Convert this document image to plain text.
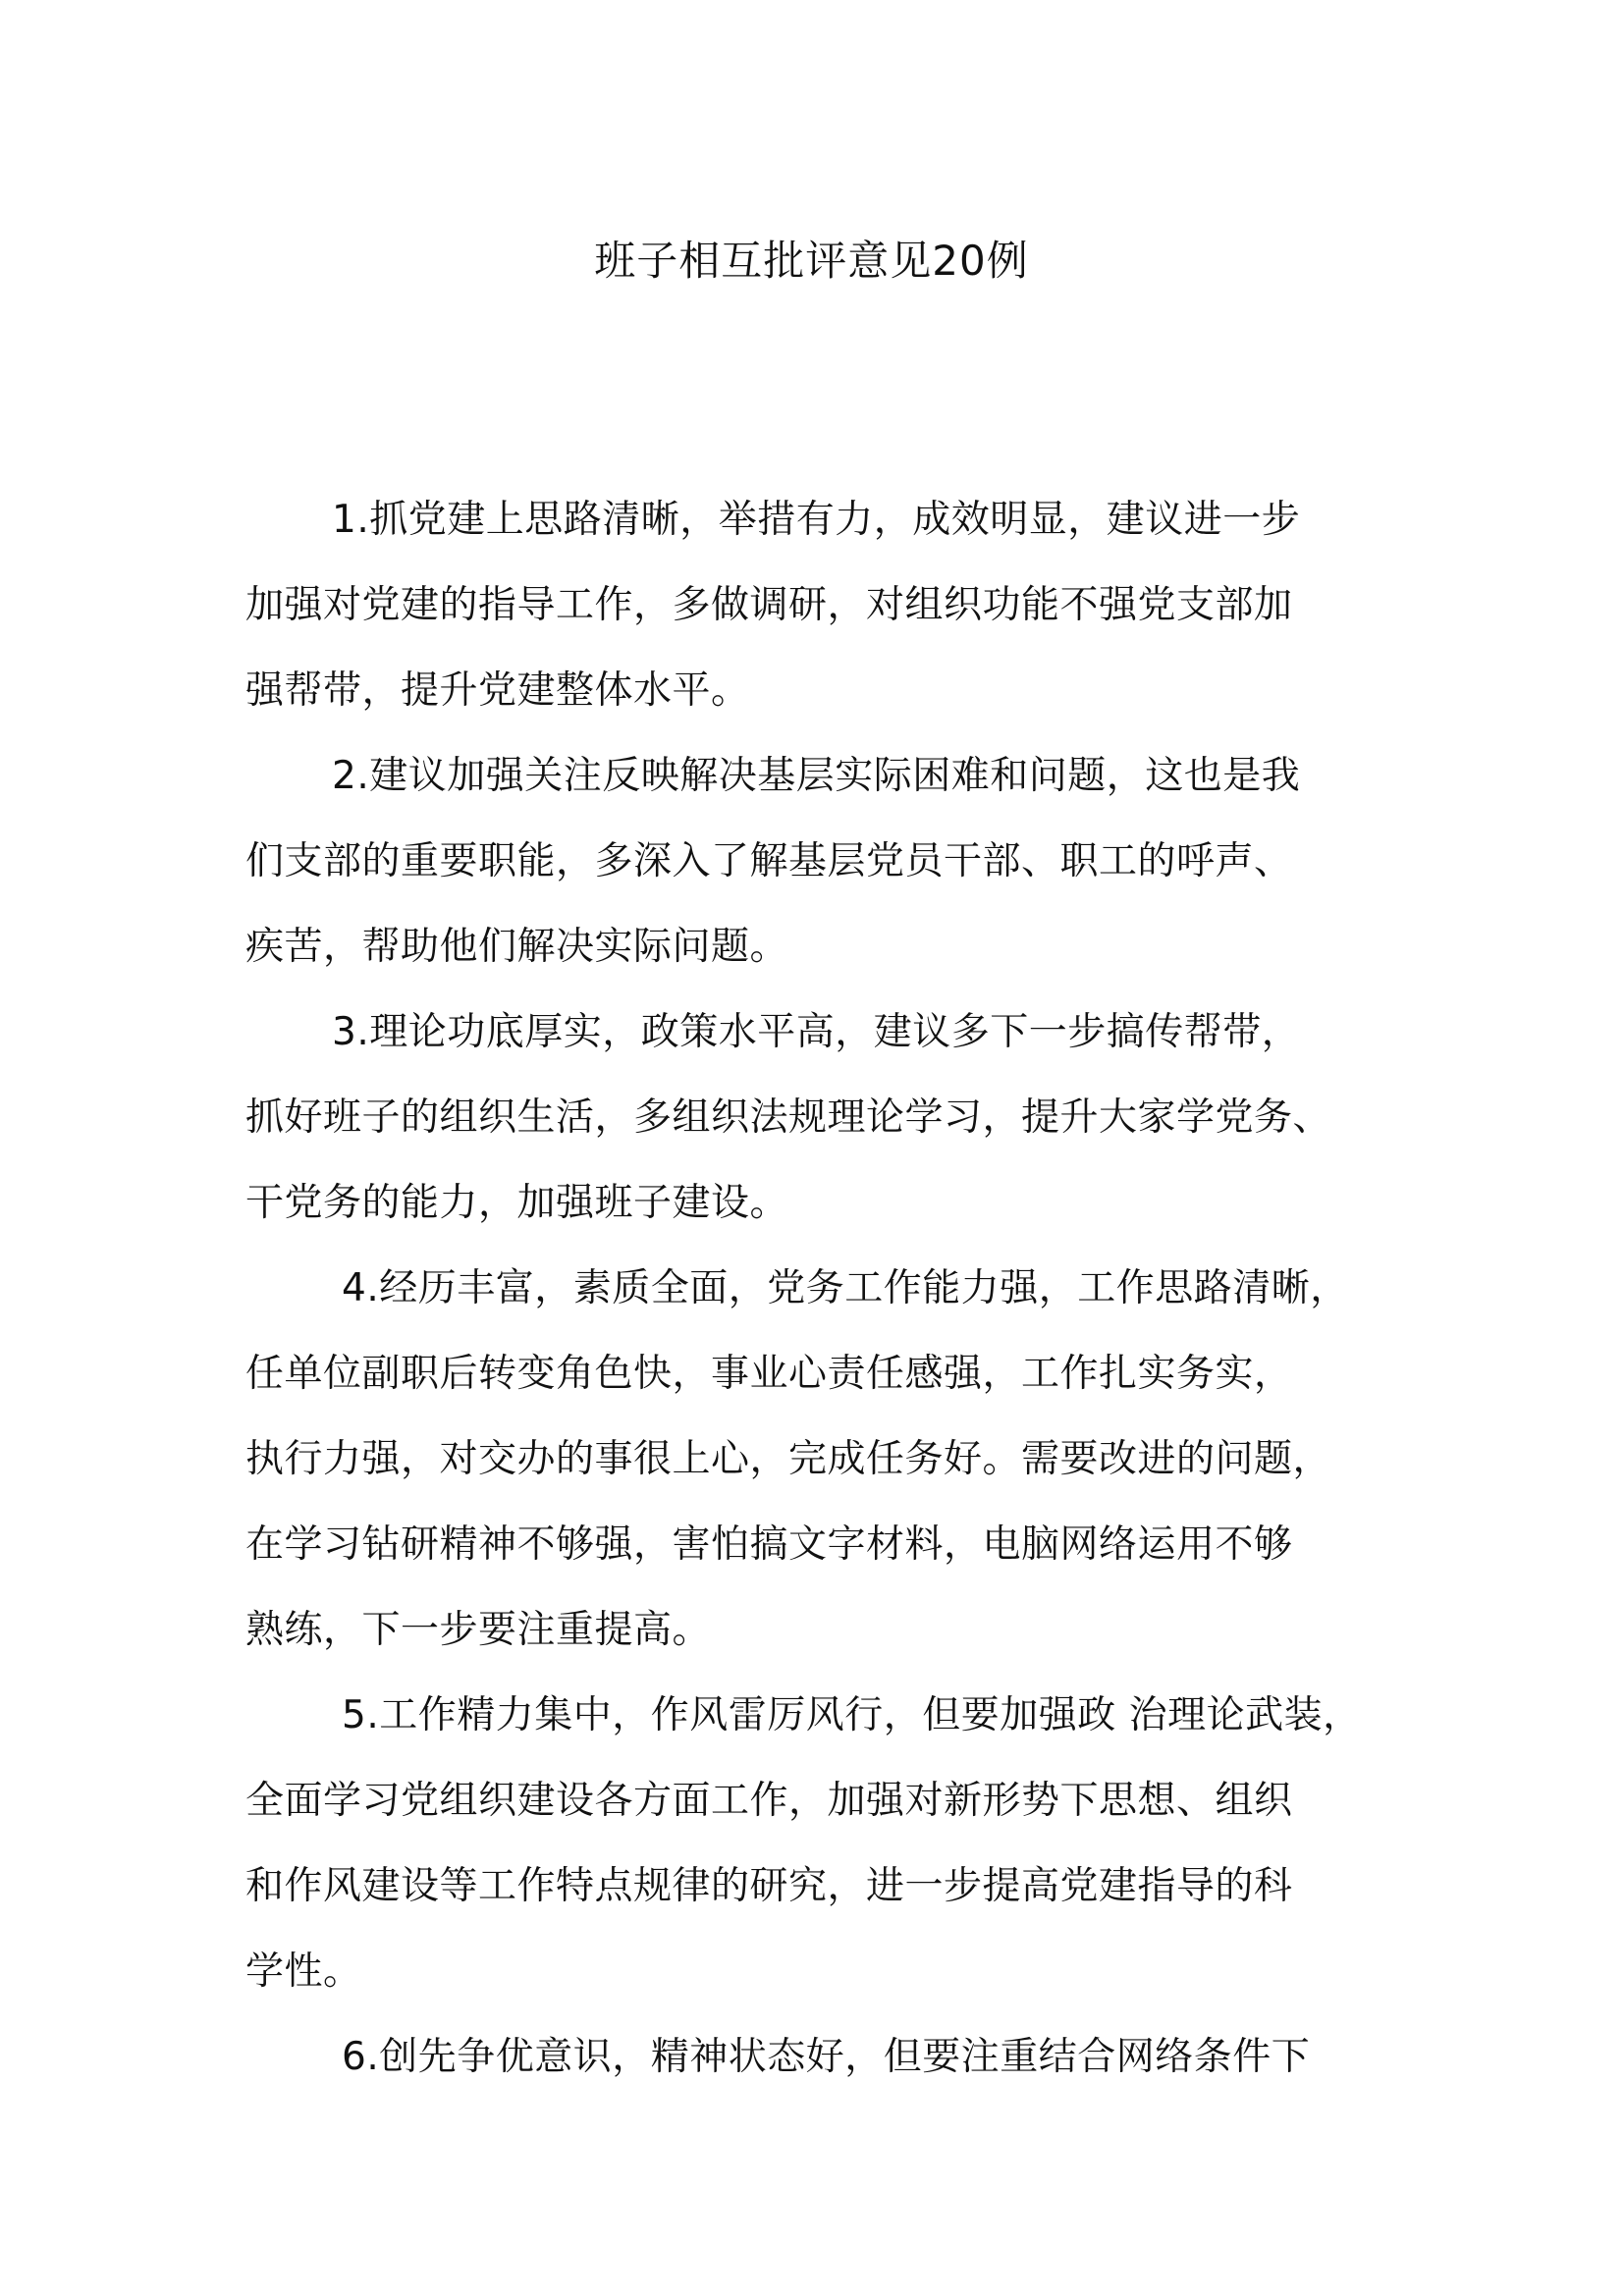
班子相互批评意见20例
1.抓党建上思路清晰，举措有力，成效明显，建议进一步
加强对党建的指导工作，多做调研，对组织功能不强党支部加
强帮带，提升党建整体水平。
2.建议加强关注反映解决基层实际困难和问题，这也是我
们支部的重要职能，多深入了解基层党员干部、职工的呼声、
疾苦，帮助他们解决实际问题。
3.理论功底厚实，政策水平高，建议多下一步搞传帮带，
抓好班子的组织生活，多组织法规理论学习，提升大家学党务、
干党务的能力，加强班子建设。
4.经历丰富，素质全面，党务工作能力强，工作思路清晰，
任单位副职后转变角色快，事业心责任感强，工作扎实务实，
执行力强，对交办的事很上心，完成任务好。需要改进的问题，
在学习钻研精神不够强，害怕搞文字材料，电脑网络运用不够
熟练，下一步要注重提高。
5.工作精力集中，作风雷厉风行，但要加强政 治理论武装，
全面学习党组织建设各方面工作，加强对新形势下思想、组织
和作风建设等工作特点规律的研究，进一步提高党建指导的科
学性。
6.创先争优意识，精神状态好，但要注重结合网络条件下
